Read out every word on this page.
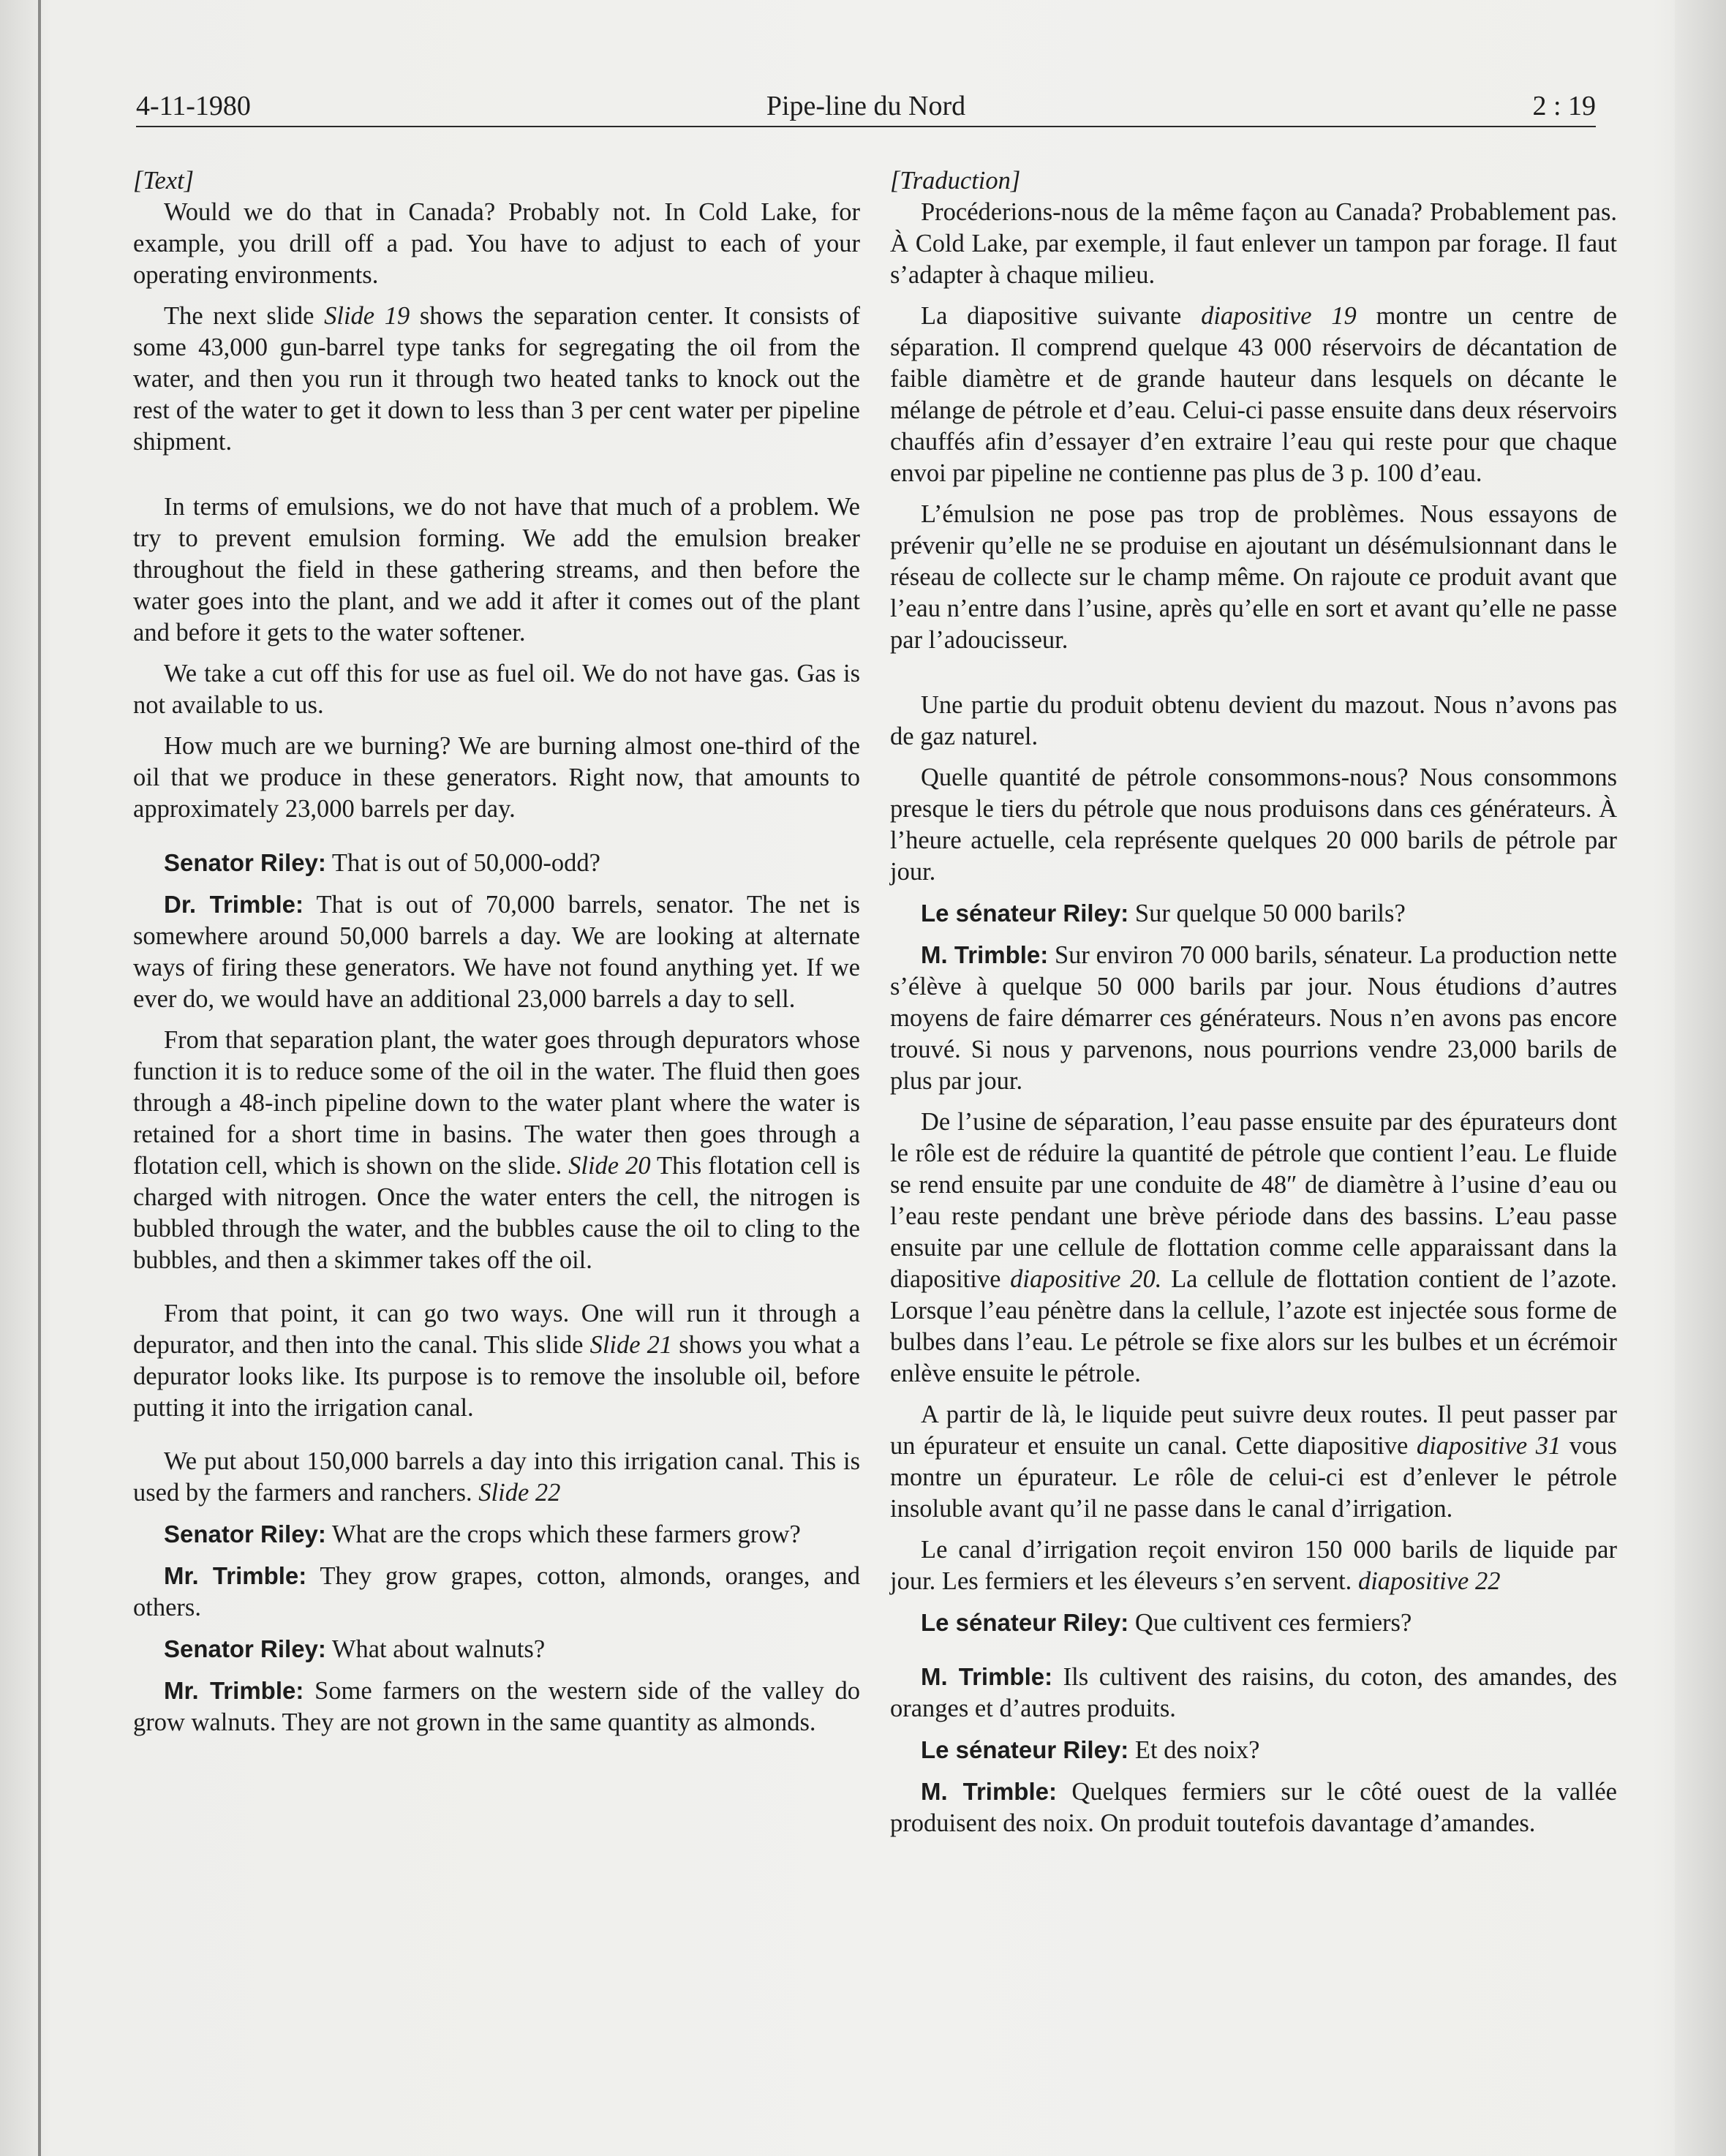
4-11-1980	Pipe-line du Nord	2 : 19

[Text]

Would we do that in Canada? Probably not. In Cold Lake, for example, you drill off a pad. You have to adjust to each of your operating environments.

The next slide Slide 19 shows the separation center. It consists of some 43,000 gun-barrel type tanks for segregating the oil from the water, and then you run it through two heated tanks to knock out the rest of the water to get it down to less than 3 per cent water per pipeline shipment.

In terms of emulsions, we do not have that much of a problem. We try to prevent emulsion forming. We add the emulsion breaker throughout the field in these gathering streams, and then before the water goes into the plant, and we add it after it comes out of the plant and before it gets to the water softener.

We take a cut off this for use as fuel oil. We do not have gas. Gas is not available to us.

How much are we burning? We are burning almost one-third of the oil that we produce in these generators. Right now, that amounts to approximately 23,000 barrels per day.

Senator Riley: That is out of 50,000-odd?

Dr. Trimble: That is out of 70,000 barrels, senator. The net is somewhere around 50,000 barrels a day. We are looking at alternate ways of firing these generators. We have not found anything yet. If we ever do, we would have an additional 23,000 barrels a day to sell.

From that separation plant, the water goes through depurators whose function it is to reduce some of the oil in the water. The fluid then goes through a 48-inch pipeline down to the water plant where the water is retained for a short time in basins. The water then goes through a flotation cell, which is shown on the slide. Slide 20 This flotation cell is charged with nitrogen. Once the water enters the cell, the nitrogen is bubbled through the water, and the bubbles cause the oil to cling to the bubbles, and then a skimmer takes off the oil.

From that point, it can go two ways. One will run it through a depurator, and then into the canal. This slide Slide 21 shows you what a depurator looks like. Its purpose is to remove the insoluble oil, before putting it into the irrigation canal.

We put about 150,000 barrels a day into this irrigation canal. This is used by the farmers and ranchers. Slide 22

Senator Riley: What are the crops which these farmers grow?

Mr. Trimble: They grow grapes, cotton, almonds, oranges, and others.

Senator Riley: What about walnuts?

Mr. Trimble: Some farmers on the western side of the valley do grow walnuts. They are not grown in the same quantity as almonds.

[Traduction]

Procéderions-nous de la même façon au Canada? Probablement pas. À Cold Lake, par exemple, il faut enlever un tampon par forage. Il faut s’adapter à chaque milieu.

La diapositive suivante diapositive 19 montre un centre de séparation. Il comprend quelque 43 000 réservoirs de décantation de faible diamètre et de grande hauteur dans lesquels on décante le mélange de pétrole et d’eau. Celui-ci passe ensuite dans deux réservoirs chauffés afin d’essayer d’en extraire l’eau qui reste pour que chaque envoi par pipeline ne contienne pas plus de 3 p. 100 d’eau.

L’émulsion ne pose pas trop de problèmes. Nous essayons de prévenir qu’elle ne se produise en ajoutant un désémulsionnant dans le réseau de collecte sur le champ même. On rajoute ce produit avant que l’eau n’entre dans l’usine, après qu’elle en sort et avant qu’elle ne passe par l’adoucisseur.

Une partie du produit obtenu devient du mazout. Nous n’avons pas de gaz naturel.

Quelle quantité de pétrole consommons-nous? Nous consommons presque le tiers du pétrole que nous produisons dans ces générateurs. À l’heure actuelle, cela représente quelques 20 000 barils de pétrole par jour.

Le sénateur Riley: Sur quelque 50 000 barils?

M. Trimble: Sur environ 70 000 barils, sénateur. La production nette s’élève à quelque 50 000 barils par jour. Nous étudions d’autres moyens de faire démarrer ces générateurs. Nous n’en avons pas encore trouvé. Si nous y parvenons, nous pourrions vendre 23,000 barils de plus par jour.

De l’usine de séparation, l’eau passe ensuite par des épurateurs dont le rôle est de réduire la quantité de pétrole que contient l’eau. Le fluide se rend ensuite par une conduite de 48″ de diamètre à l’usine d’eau ou l’eau reste pendant une brève période dans des bassins. L’eau passe ensuite par une cellule de flottation comme celle apparaissant dans la diapositive diapositive 20. La cellule de flottation contient de l’azote. Lorsque l’eau pénètre dans la cellule, l’azote est injectée sous forme de bulbes dans l’eau. Le pétrole se fixe alors sur les bulbes et un écrémoir enlève ensuite le pétrole.

A partir de là, le liquide peut suivre deux routes. Il peut passer par un épurateur et ensuite un canal. Cette diapositive diapositive 31 vous montre un épurateur. Le rôle de celui-ci est d’enlever le pétrole insoluble avant qu’il ne passe dans le canal d’irrigation.

Le canal d’irrigation reçoit environ 150 000 barils de liquide par jour. Les fermiers et les éleveurs s’en servent. diapositive 22

Le sénateur Riley: Que cultivent ces fermiers?

M. Trimble: Ils cultivent des raisins, du coton, des amandes, des oranges et d’autres produits.

Le sénateur Riley: Et des noix?

M. Trimble: Quelques fermiers sur le côté ouest de la vallée produisent des noix. On produit toutefois davantage d’amandes.
